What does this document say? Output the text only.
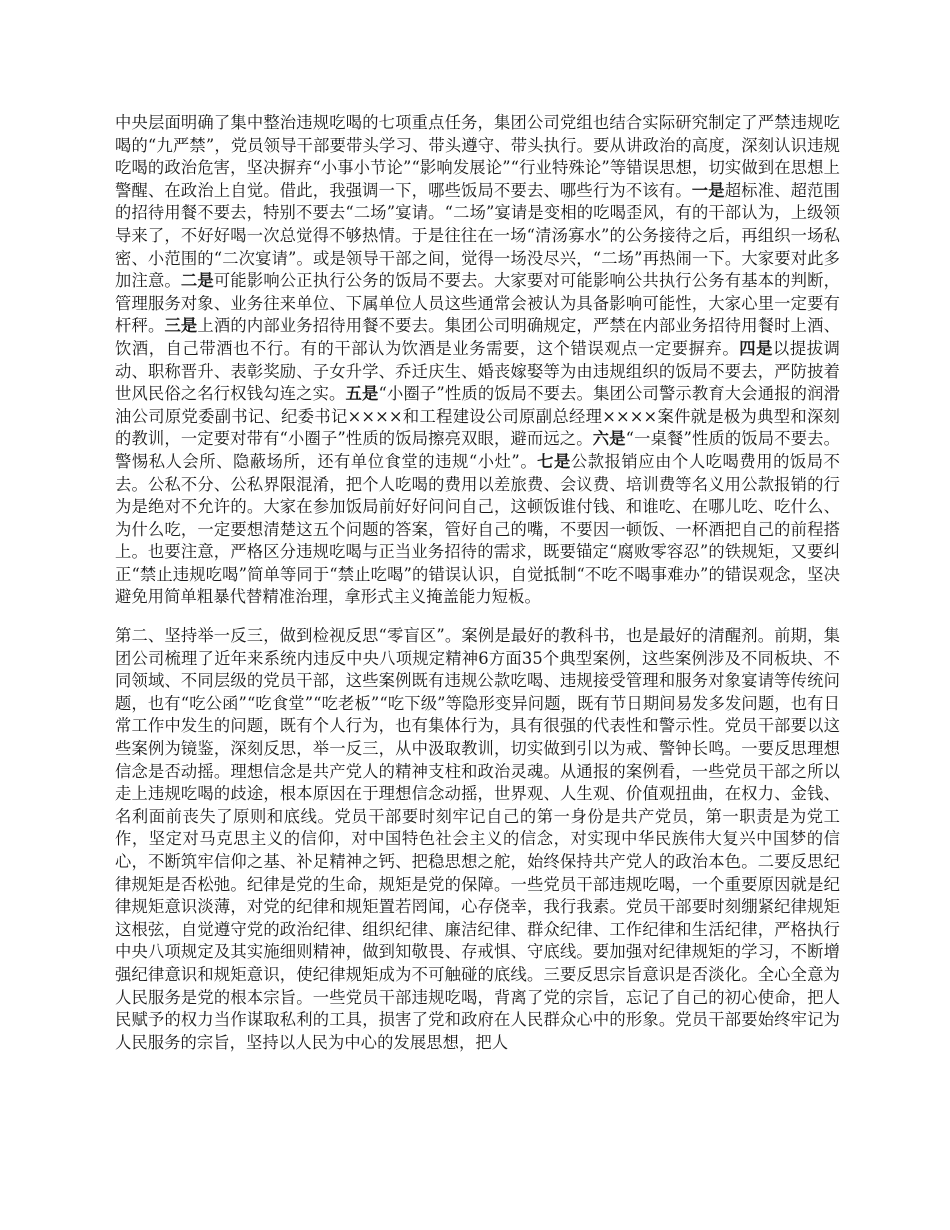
中央层面明确了集中整治违规吃喝的七项重点任务，集团公司党组也结合实际研究制定了严禁违规吃喝的“九严禁”，党员领导干部要带头学习、带头遵守、带头执行。要从讲政治的高度，深刻认识违规吃喝的政治危害，坚决摒弃“小事小节论”“影响发展论”“行业特殊论”等错误思想，切实做到在思想上警醒、在政治上自觉。借此，我强调一下，哪些饭局不要去、哪些行为不该有。一是超标准、超范围的招待用餐不要去，特别不要去“二场”宴请。“二场”宴请是变相的吃喝歪风，有的干部认为，上级领导来了，不好好喝一次总觉得不够热情。于是往往在一场“清汤寡水”的公务接待之后，再组织一场私密、小范围的“二次宴请”。或是领导干部之间，觉得一场没尽兴，“二场”再热闹一下。大家要对此多加注意。二是可能影响公正执行公务的饭局不要去。大家要对可能影响公共执行公务有基本的判断，管理服务对象、业务往来单位、下属单位人员这些通常会被认为具备影响可能性，大家心里一定要有杆秤。三是上酒的内部业务招待用餐不要去。集团公司明确规定，严禁在内部业务招待用餐时上酒、饮酒，自己带酒也不行。有的干部认为饮酒是业务需要，这个错误观点一定要摒弃。四是以提拔调动、职称晋升、表彰奖励、子女升学、乔迁庆生、婚丧嫁娶等为由违规组织的饭局不要去，严防披着世风民俗之名行权钱勾连之实。五是“小圈子”性质的饭局不要去。集团公司警示教育大会通报的润滑油公司原党委副书记、纪委书记××××和工程建设公司原副总经理××××案件就是极为典型和深刻的教训，一定要对带有“小圈子”性质的饭局擦亮双眼，避而远之。六是“一桌餐”性质的饭局不要去。警惕私人会所、隐蔽场所，还有单位食堂的违规“小灶”。七是公款报销应由个人吃喝费用的饭局不去。公私不分、公私界限混淆，把个人吃喝的费用以差旅费、会议费、培训费等名义用公款报销的行为是绝对不允许的。大家在参加饭局前好好问问自己，这顿饭谁付钱、和谁吃、在哪儿吃、吃什么、为什么吃，一定要想清楚这五个问题的答案，管好自己的嘴，不要因一顿饭、一杯酒把自己的前程搭上。也要注意，严格区分违规吃喝与正当业务招待的需求，既要锚定“腐败零容忍”的铁规矩，又要纠正“禁止违规吃喝”简单等同于“禁止吃喝”的错误认识，自觉抵制“不吃不喝事难办”的错误观念，坚决避免用简单粗暴代替精准治理，拿形式主义掩盖能力短板。

第二、坚持举一反三，做到检视反思“零盲区”。案例是最好的教科书，也是最好的清醒剂。前期，集团公司梳理了近年来系统内违反中央八项规定精神6方面35个典型案例，这些案例涉及不同板块、不同领域、不同层级的党员干部，这些案例既有违规公款吃喝、违规接受管理和服务对象宴请等传统问题，也有“吃公函”“吃食堂”“吃老板”“吃下级”等隐形变异问题，既有节日期间易发多发问题，也有日常工作中发生的问题，既有个人行为，也有集体行为，具有很强的代表性和警示性。党员干部要以这些案例为镜鉴，深刻反思，举一反三，从中汲取教训，切实做到引以为戒、警钟长鸣。一要反思理想信念是否动摇。理想信念是共产党人的精神支柱和政治灵魂。从通报的案例看，一些党员干部之所以走上违规吃喝的歧途，根本原因在于理想信念动摇，世界观、人生观、价值观扭曲，在权力、金钱、名利面前丧失了原则和底线。党员干部要时刻牢记自己的第一身份是共产党员，第一职责是为党工作，坚定对马克思主义的信仰，对中国特色社会主义的信念，对实现中华民族伟大复兴中国梦的信心，不断筑牢信仰之基、补足精神之钙、把稳思想之舵，始终保持共产党人的政治本色。二要反思纪律规矩是否松弛。纪律是党的生命，规矩是党的保障。一些党员干部违规吃喝，一个重要原因就是纪律规矩意识淡薄，对党的纪律和规矩置若罔闻，心存侥幸，我行我素。党员干部要时刻绷紧纪律规矩这根弦，自觉遵守党的政治纪律、组织纪律、廉洁纪律、群众纪律、工作纪律和生活纪律，严格执行中央八项规定及其实施细则精神，做到知敬畏、存戒惧、守底线。要加强对纪律规矩的学习，不断增强纪律意识和规矩意识，使纪律规矩成为不可触碰的底线。三要反思宗旨意识是否淡化。全心全意为人民服务是党的根本宗旨。一些党员干部违规吃喝，背离了党的宗旨，忘记了自己的初心使命，把人民赋予的权力当作谋取私利的工具，损害了党和政府在人民群众心中的形象。党员干部要始终牢记为人民服务的宗旨，坚持以人民为中心的发展思想，把人
